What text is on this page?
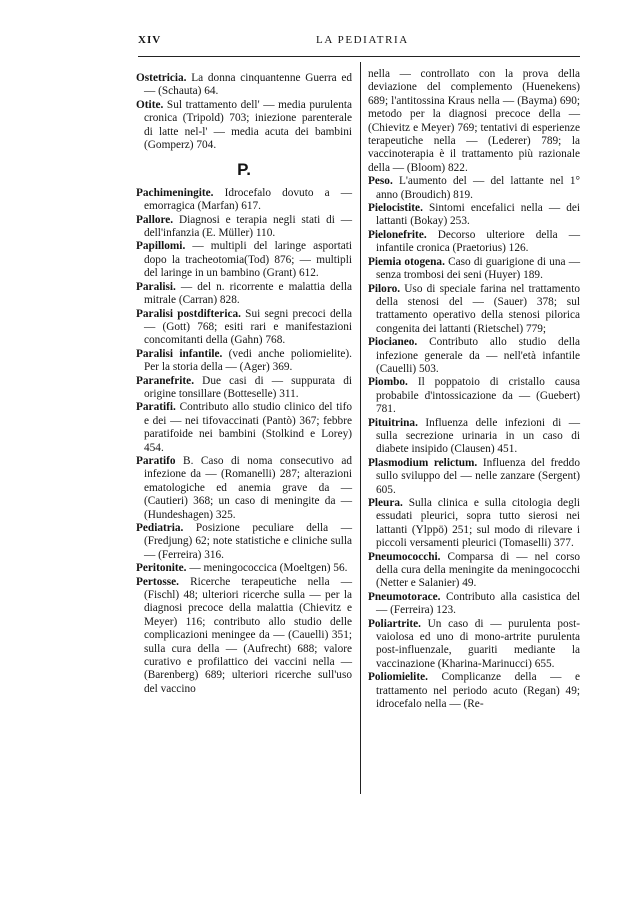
XIV	LA PEDIATRIA

Ostetricia. La donna cinquantenne Guerra ed — (Schauta) 64.

Otite. Sul trattamento dell' — media purulenta cronica (Tripold) 703; iniezione parenterale di latte nel-l' — media acuta dei bambini (Gomperz) 704.

P.

Pachimeningite. Idrocefalo dovuto a — emorragica (Marfan) 617.

Pallore. Diagnosi e terapia negli stati di — dell'infanzia (E. Müller) 110.

Papillomi. — multipli del laringe asportati dopo la tracheotomia(Tod) 876; — multipli del laringe in un bambino (Grant) 612.

Paralisi. — del n. ricorrente e malattia della mitrale (Carran) 828.

Paralisi postdifterica. Sui segni precoci della — (Gott) 768; esiti rari e manifestazioni concomitanti della (Gahn) 768.

Paralisi infantile. (vedi anche poliomielite). Per la storia della — (Ager) 369.

Paranefrite. Due casi di — suppurata di origine tonsillare (Botteselle) 311.

Paratifi. Contributo allo studio clinico del tifo e dei — nei tifovaccinati (Pantò) 367; febbre paratifoide nei bambini (Stolkind e Lorey) 454.

Paratifo B. Caso di noma consecutivo ad infezione da — (Romanelli) 287; alterazioni ematologiche ed anemia grave da — (Cautieri) 368; un caso di meningite da — (Hundeshagen) 325.

Pediatria. Posizione peculiare della — (Fredjung) 62; note statistiche e cliniche sulla — (Ferreira) 316.

Peritonite. — meningococcica (Moeltgen) 56.

Pertosse. Ricerche terapeutiche nella — (Fischl) 48; ulteriori ricerche sulla — per la diagnosi precoce della malattia (Chievitz e Meyer) 116; contributo allo studio delle complicazioni meningee da — (Cauelli) 351; sulla cura della — (Aufrecht) 688; valore curativo e profilattico dei vaccini nella — (Barenberg) 689; ulteriori ricerche sull'uso del vaccino

nella — controllato con la prova della deviazione del complemento (Huenekens) 689; l'antitossina Kraus nella — (Bayma) 690; metodo per la diagnosi precoce della — (Chievitz e Meyer) 769; tentativi di esperienze terapeutiche nella — (Lederer) 789; la vaccinoterapia è il trattamento più razionale della — (Bloom) 822.

Peso. L'aumento del — del lattante nel 1° anno (Broudich) 819.

Pielocistite. Sintomi encefalici nella — dei lattanti (Bokay) 253.

Pielonefrite. Decorso ulteriore della — infantile cronica (Praetorius) 126.

Piemia otogena. Caso di guarigione di una — senza trombosi dei seni (Huyer) 189.

Piloro. Uso di speciale farina nel trattamento della stenosi del — (Sauer) 378; sul trattamento operativo della stenosi pilorica congenita dei lattanti (Rietschel) 779;

Piocianeo. Contributo allo studio della infezione generale da — nell'età infantile (Cauelli) 503.

Piombo. Il poppatoio di cristallo causa probabile d'intossicazione da — (Guebert) 781.

Pituitrina. Influenza delle infezioni di — sulla secrezione urinaria in un caso di diabete insipido (Clausen) 451.

Plasmodium relictum. Influenza del freddo sullo sviluppo del — nelle zanzare (Sergent) 605.

Pleura. Sulla clinica e sulla citologia degli essudati pleurici, sopra tutto sierosi nei lattanti (Ylppö) 251; sul modo di rilevare i piccoli versamenti pleurici (Tomaselli) 377.

Pneumococchi. Comparsa di — nel corso della cura della meningite da meningococchi (Netter e Salanier) 49.

Pneumotorace. Contributo alla casistica del — (Ferreira) 123.

Poliartrite. Un caso di — purulenta post-vaiolosa ed uno di mono-artrite purulenta post-influenzale, guariti mediante la vaccinazione (Kharina-Marinucci) 655.

Poliomielite. Complicanze della — e trattamento nel periodo acuto (Regan) 49; idrocefalo nella — (Re-
